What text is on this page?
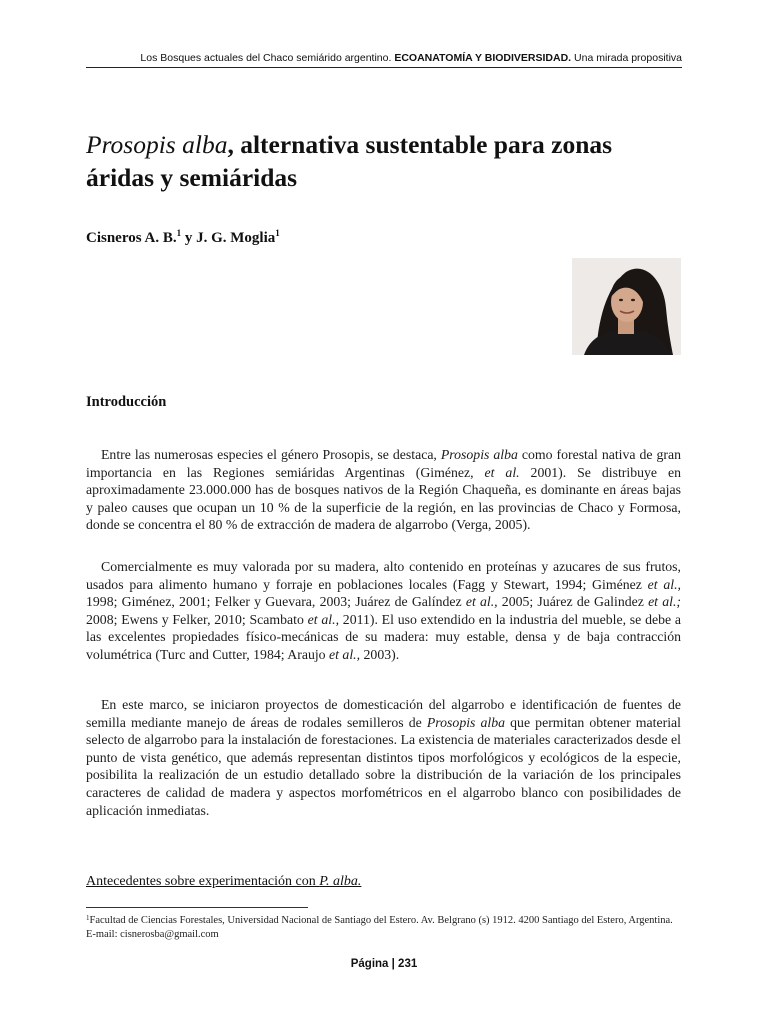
Los Bosques actuales del Chaco semiárido argentino. ECOANATOMÍA Y BIODIVERSIDAD. Una mirada propositiva
Prosopis alba, alternativa sustentable para zonas áridas y semiáridas
Cisneros A. B.$^1$ y J. G. Moglia$^1$
Introducción

Entre las numerosas especies el género Prosopis, se destaca, Prosopis alba como forestal nativa de gran importancia en las Regiones semiáridas Argentinas (Giménez, et al. 2001). Se distribuye en aproximadamente 23.000.000 has de bosques nativos de la Región Chaqueña, es dominante en áreas bajas y paleo causes que ocupan un 10 % de la superficie de la región, en las provincias de Chaco y Formosa, donde se concentra el 80 % de extracción de madera de algarrobo (Verga, 2005).

Comercialmente es muy valorada por su madera, alto contenido en proteínas y azucares de sus frutos, usados para alimento humano y forraje en poblaciones locales (Fagg y Stewart, 1994; Giménez et al., 1998; Giménez, 2001; Felker y Guevara, 2003; Juárez de Galíndez et al., 2005; Juárez de Galindez et al.; 2008; Ewens y Felker, 2010; Scambato et al., 2011). El uso extendido en la industria del mueble, se debe a las excelentes propiedades físico-mecánicas de su madera: muy estable, densa y de baja contracción volumétrica (Turc and Cutter, 1984; Araujo et al., 2003).

En este marco, se iniciaron proyectos de domesticación del algarrobo e identificación de fuentes de semilla mediante manejo de áreas de rodales semilleros de Prosopis alba que permitan obtener material selecto de algarrobo para la instalación de forestaciones. La existencia de materiales caracterizados desde el punto de vista genético, que además representan distintos tipos morfológicos y ecológicos de la especie, posibilita la realización de un estudio detallado sobre la distribución de la variación de los principales caracteres de calidad de madera y aspectos morfométricos en el algarrobo blanco con posibilidades de aplicación inmediatas.

Antecedentes sobre experimentación con P. alba.
$^1$Facultad de Ciencias Forestales, Universidad Nacional de Santiago del Estero. Av. Belgrano (s) 1912. 4200 Santiago del Estero, Argentina. E-mail: cisnerosba@gmail.com
Página | 231
